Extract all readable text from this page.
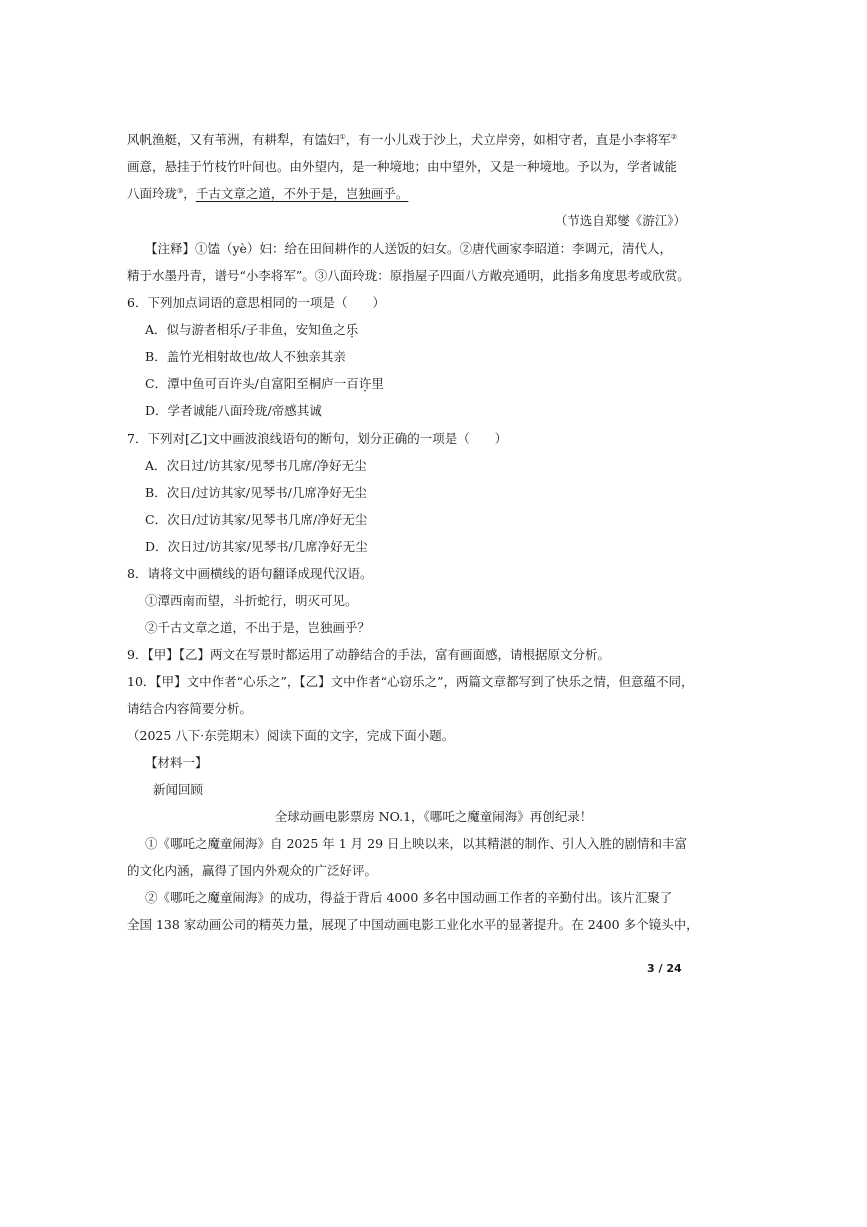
风帆渔艇，又有苇洲，有耕犁，有馌妇①，有一小儿戏于沙上，犬立岸旁，如相守者，直是小李将军②
画意，悬挂于竹枝竹叶间也。由外望内，是一种境地；由中望外，又是一种境地。予以为，学者诚能
八面玲珑③，千古文章之道，不外于是，岂独画乎。
（节选自郑燮《游江》）
【注释】①馌（yè）妇：给在田间耕作的人送饭的妇女。②唐代画家李昭道：李调元，清代人，
精于水墨丹青，谱号“小李将军”。③八面玲珑：原指屋子四面八方敞亮通明，此指多角度思考或欣赏。
6．下列加点词语的意思相同的一项是（　　）
A．似与游者相乐/子非鱼，安知鱼之乐
B．盖竹光相射故也/故人不独亲其亲
C．潭中鱼可百许头/自富阳至桐庐一百许里
D．学者诚能八面玲珑/帝感其诚
7．下列对[乙]文中画波浪线语句的断句，划分正确的一项是（　　）
A．次日过/访其家/见琴书几席/净好无尘
B．次日/过访其家/见琴书/几席净好无尘
C．次日/过访其家/见琴书几席/净好无尘
D．次日过/访其家/见琴书/几席净好无尘
8．请将文中画横线的语句翻译成现代汉语。
①潭西南而望，斗折蛇行，明灭可见。
②千古文章之道，不出于是，岂独画乎？
9．【甲】【乙】两文在写景时都运用了动静结合的手法，富有画面感，请根据原文分析。
10．【甲】文中作者“心乐之”，【乙】文中作者“心窃乐之”，两篇文章都写到了快乐之情，但意蕴不同，
请结合内容简要分析。
（2025 八下·东莞期末）阅读下面的文字，完成下面小题。
【材料一】
新闻回顾
全球动画电影票房 NO.1，《哪吒之魔童闹海》再创纪录！
①《哪吒之魔童闹海》自 2025 年 1 月 29 日上映以来，以其精湛的制作、引人入胜的剧情和丰富
的文化内涵，赢得了国内外观众的广泛好评。
②《哪吒之魔童闹海》的成功，得益于背后 4000 多名中国动画工作者的辛勤付出。该片汇聚了
全国 138 家动画公司的精英力量，展现了中国动画电影工业化水平的显著提升。在 2400 多个镜头中，
3 / 24
